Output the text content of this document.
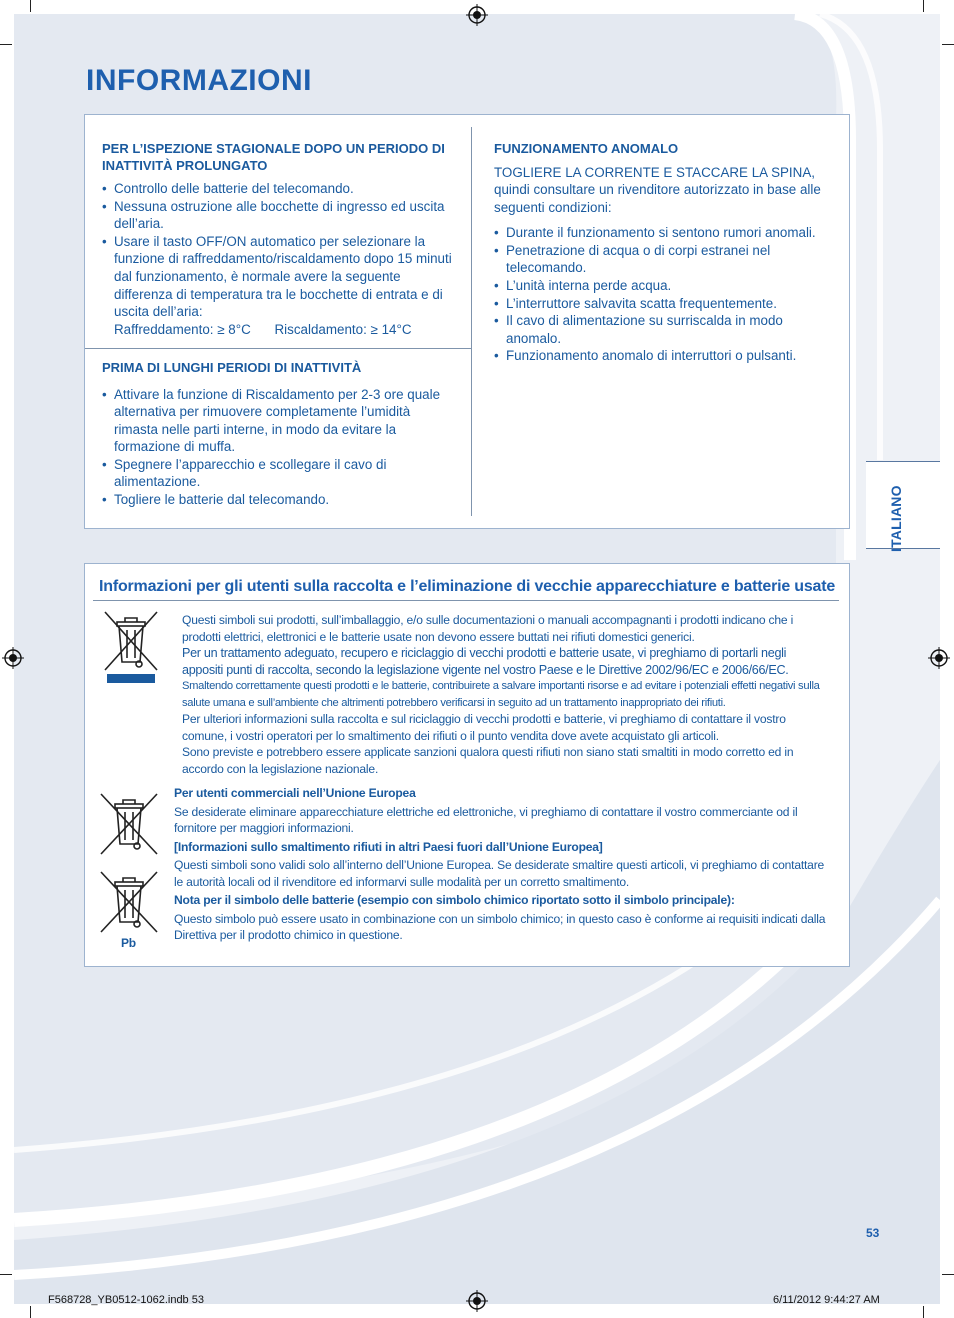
INFORMAZIONI
PER L’ISPEZIONE STAGIONALE DOPO UN PERIODO DI INATTIVITÀ PROLUNGATO
• Controllo delle batterie del telecomando.
• Nessuna ostruzione alle bocchette di ingresso ed uscita dell’aria.
• Usare il tasto OFF/ON automatico per selezionare la funzione di raffreddamento/riscaldamento dopo 15 minuti dal funzionamento, è normale avere la seguente differenza di temperatura tra le bocchette di entrata e di uscita dell’aria:
Raffreddamento: ≥ 8°C Riscaldamento: ≥ 14°C
PRIMA DI LUNGHI PERIODI DI INATTIVITÀ
• Attivare la funzione di Riscaldamento per 2-3 ore quale alternativa per rimuovere completamente l’umidità rimasta nelle parti interne, in modo da evitare la formazione di muffa.
• Spegnere l’apparecchio e scollegare il cavo di alimentazione.
• Togliere le batterie dal telecomando.
FUNZIONAMENTO ANOMALO

TOGLIERE LA CORRENTE E STACCARE LA SPINA,
quindi consultare un rivenditore autorizzato in base alle seguenti condizioni:

• Durante il funzionamento si sentono rumori anomali.
• Penetrazione di acqua o di corpi estranei nel telecomando.
• L’unità interna perde acqua.
• L’interruttore salvavita scatta frequentemente.
• Il cavo di alimentazione su surriscalda in modo anomalo.
• Funzionamento anomalo di interruttori o pulsanti.
ITALIANO
Informazioni per gli utenti sulla raccolta e l’eliminazione di vecchie apparecchiature e batterie usate
Pb
Questi simboli sui prodotti, sull’imballaggio, e/o sulle documentazioni o manuali accompagnanti i prodotti indicano che i prodotti elettrici, elettronici e le batterie usate non devono essere buttati nei rifiuti domestici generici.
Per un trattamento adeguato, recupero e riciclaggio di vecchi prodotti e batterie usate, vi preghiamo di portarli negli appositi punti di raccolta, secondo la legislazione vigente nel vostro Paese e le Direttive 2002/96/EC e 2006/66/EC.
Smaltendo correttamente questi prodotti e le batterie, contribuirete a salvare importanti risorse e ad evitare i potenziali effetti negativi sulla salute umana e sull’ambiente che altrimenti potrebbero verificarsi in seguito ad un trattamento inappropriato dei rifiuti.
Per ulteriori informazioni sulla raccolta e sul riciclaggio di vecchi prodotti e batterie, vi preghiamo di contattare il vostro comune, i vostri operatori per lo smaltimento dei rifiuti o il punto vendita dove avete acquistato gli articoli.
Sono previste e potrebbero essere applicate sanzioni qualora questi rifiuti non siano stati smaltiti in modo corretto ed in accordo con la legislazione nazionale.
Per utenti commerciali nell’Unione Europea
Se desiderate eliminare apparecchiature elettriche ed elettroniche, vi preghiamo di contattare il vostro commerciante od il fornitore per maggiori informazioni.
[Informazioni sullo smaltimento rifiuti in altri Paesi fuori dall’Unione Europea]
Questi simboli sono validi solo all’interno dell’Unione Europea. Se desiderate smaltire questi articoli, vi preghiamo di contattare le autorità locali od il rivenditore ed informarvi sulle modalità per un corretto smaltimento.
Nota per il simbolo delle batterie (esempio con simbolo chimico riportato sotto il simbolo principale):
Questo simbolo può essere usato in combinazione con un simbolo chimico; in questo caso è conforme ai requisiti indicati dalla Direttiva per il prodotto chimico in questione.
53
F568728_YB0512-1062.indb 53	6/11/2012 9:44:27 AM
